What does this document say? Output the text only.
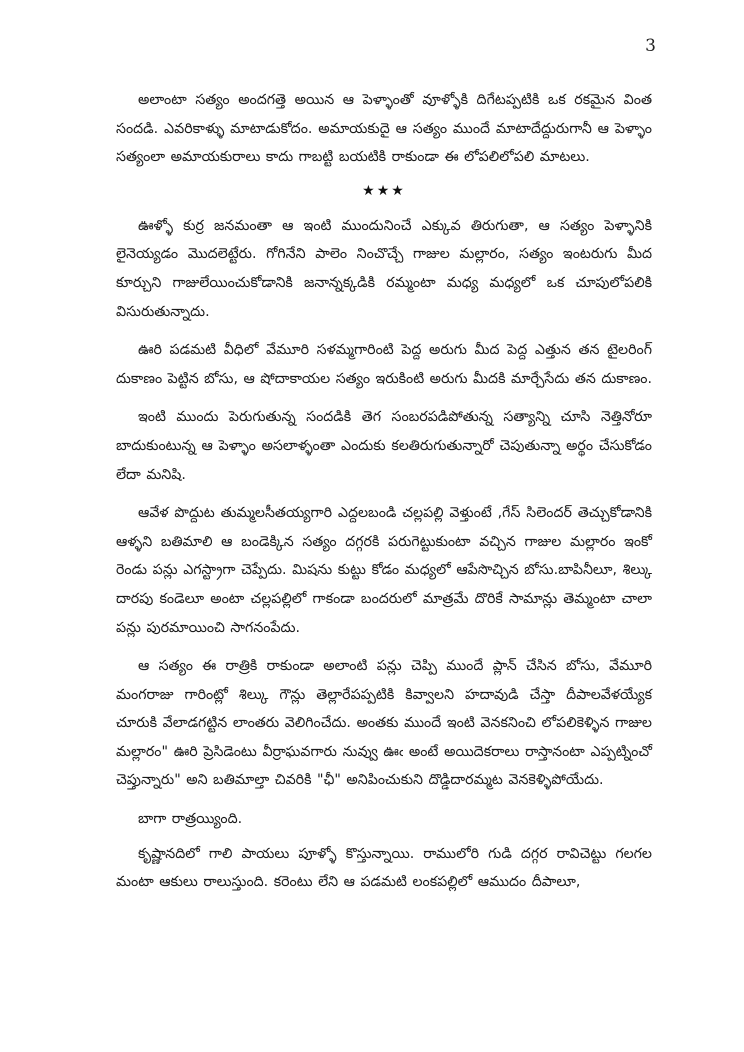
3

అలాంటా సత్యం అందగత్తె అయిన ఆ పెళ్ళాంతో వూళ్ళోకి దిగేటప్పటికి ఒక రకమైన వింత సందడి. ఎవరికాళ్ళు మాటాడుకోదం. అమాయకుదై ఆ సత్యం ముందే మాటాదేద్దురుగానీ ఆ పెళ్ళాం సత్యంలా అమాయకురాలు కాదు గాబట్టి బయటికి రాకుండా ఈ లోపలిలోపలి మాటలు.

★★★

ఊళ్ళో కుర్ర జనమంతా ఆ ఇంటి ముందునించే ఎక్కువ తిరుగుతా, ఆ సత్యం పెళ్ళానికి లైనెయ్యడం మొదలెట్టేరు. గోగినేని పాలెం నించొచ్చే గాజుల మల్లారం, సత్యం ఇంటరుగు మీద కూర్చుని గాజులేయించుకోడానికి జనాన్నక్కడికి రమ్మంటా మధ్య మధ్యలో ఒక చూపులోపలికి విసురుతున్నాదు.

ఊరి పడమటి వీధిలో వేమూరి సళమ్మగారింటి పెద్ద అరుగు మీద పెద్ద ఎత్తున తన టైలరింగ్ దుకాణం పెట్టిన బోసు, ఆ షోదాకాయల సత్యం ఇరుకింటి అరుగు మీదకి మార్చేసేదు తన దుకాణం.

ఇంటి ముందు పెరుగుతున్న సందడికి తెగ సంబరపడిపోతున్న సత్యాన్ని చూసి నెత్తినోరూ బాదుకుంటున్న ఆ పెళ్ళాం అసలాళ్ళంతా ఎందుకు కలతిరుగుతున్నారో చెపుతున్నా అర్థం చేసుకోడం లేదా మనిషి.

ఆవేళ పొద్దుట తుమ్మలసీతయ్యగారి ఎద్దలబండి చల్లపల్లి వెళ్తుంటే ,గేస్ సిలెందర్ తెచ్చుకోడానికి ఆళ్ళని బతిమాలి ఆ బండెక్కిన సత్యం దగ్గరకి పరుగెట్టుకుంటా వచ్చిన గాజుల మల్లారం ఇంకో రెండు పన్లు ఎగస్ట్రాగా చెప్పేదు. మిషను కుట్టు కోడం మధ్యలో ఆపేసొచ్చిన బోసు.బాపినీలూ, శిల్కు దారపు కండెలూ అంటా చల్లపల్లిలో గాకండా బందరులో మాత్రమే దొరికే సామాన్లు తెమ్మంటా చాలా పన్లు పురమాయించి సాగనంపేదు.

ఆ సత్యం ఈ రాత్రికి రాకుండా అలాంటి పన్లు చెప్పి ముందే ప్లాన్ చేసిన బోసు, వేమూరి మంగరాజు గారింట్లో శిల్కు గౌన్లు తెల్లారేపప్పటికి కివ్వాలని హదావుడి చేస్తా దీపాలవేళయ్యేక చూరుకి వేలాడగట్టిన లాంతరు వెలిగించేదు. అంతకు ముందే ఇంటి వెనకనించి లోపలికెళ్ళిన గాజుల మల్లారం" ఊరి ప్రెసిడెంటు వీర్రాఘవగారు నువ్వు ఊఁ అంటే అయిదెకరాలు రాస్తానంటా ఎప్పట్నించో చెప్తున్నారు" అని బతిమాల్తా చివరికి "ఛీ" అనిపించుకుని దొడ్డిదారమ్మట వెనకెళ్ళిపోయేదు.

బాగా రాత్రయ్యింది.

కృష్ణానదిలో గాలి పాయలు పూళ్ళో కొస్తున్నాయి. రాములోరి గుడి దగ్గర రావిచెట్టు గలగల మంటా ఆకులు రాలుస్తుంది. కరెంటు లేని ఆ పడమటి లంకపల్లిలో ఆముదం దీపాలూ,
